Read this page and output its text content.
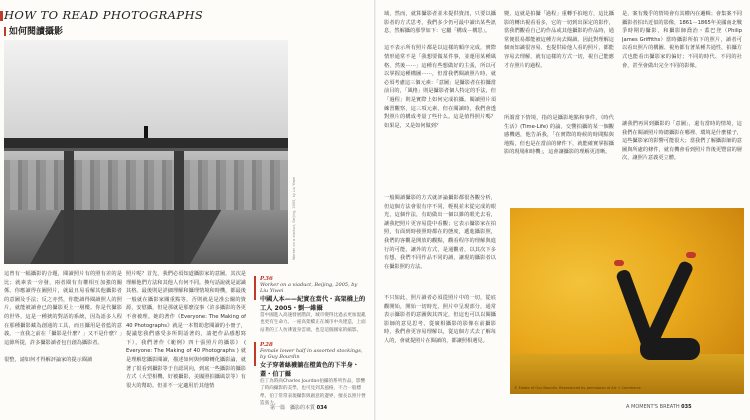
HOW TO READ PHOTOGRAPHS
如何閱讀攝影
Worker on a viaduct, Beijing, 2005, by Liu Yiwei
P.36
Worker on a viaduct, Beijing, 2005, by Liu Yiwei
中國人本——紀實在當代・高架橋上的工人 2005・劉一維攝
當中國進入高速發展階段，城市變得比過去更加混亂也更有生命力。一座高架橋正在城市中央建造，上面站著的工人彷彿置身雲端，也是這個國家的縮影。
P.28
Female lower half in assorted stockings, by Guy Bourdin
女子穿著絲襪躺在橙黃色的下半身・蓋・伯丁攝
伯丁為時尚Charles Jourdan拍攝的系列作品，影響了時尚攝影的美學，也可見到其風格，不合一般標準，伯丁常常表現攝影與創意的邊界，擅長以照片營造張力。
這曾有一幅攝影的合題，閱讀照片有的照有差的是比；就素表一旁發，兩者閱有有權相互加強的關係。你應讀得在圖照片，就最且易看解其他攝影者的意圖及手法；反之亦然，你能讀得閱讀照人的照片，就能被讀會已的攝影更上一層樓。你是代攝影的世界，這是一種狹的對話的系統，因為語多人程在那種攝影藏為創通的工具，而且攝用是者藍的意義。一直我之前在「攝影是什麼？」又不是什麼？」這節所提，許多攝影讀者包自創為攝影者。

很整，請如何才得解評論家的提示閱讀
照片呢？首先，我們必須知道攝影家的意圖，其次是理解他們方法和其他人有何不同。換句話說就是認識其格。最後則是詳細理解和攝理情境和時機，都最後一般就在攝影家關重點等，否則就是是准公關的資源，安慰攝，但是那就是那麼沒事（許多攝影的各更不會被理。她的著作《Everyone: The Making of 40 Photographs》就是一本幫助您閱讀的小冊子，提議您我們感受多所問話著的，請把作品感想寫下），我們著作《範例》四十張照片的攝影》 ( Everyone: The Making of 40 Photographs ) 就是理解您攝影閱讀，描述如何與何瞭轉化攝影論，就著了很看到攝影等于自認同向，到底一些攝影的攝影方式（大型相機、好被攝影，美國照拍攝風景等）有很大的幫助。但並不一定適用於其他情
第一篇　攝影的本質 034
域，然而，就算攝影者並未提供資訊，只要以攝影者的方式思考，我們多少仍可最中讀出某些訊息，然解攝的那學如下：它屬「構成－構思」。

這不表示所有照片都是以這樣的順序完成，實際情形通常不是「我想要做某件事，並運用某種風格，然後⋯⋯」這種有些想做好的主張，所以可以掌握這種構圖⋯⋯，但當我們閱讀照片時，就必須考慮這三個元素：「意圖」是攝影者在拍攝當前目的，「風格」則是攝影者個人特定的手法，但「過程」則是實際上如何完成拍攝。閱讀照片須練習觀察，這三項元素，但在閱讀時，我們會透對照片的構成考量了些什么。這是值得照片嗎？如果是，又是如何做到？
一般閱讀攝影的方式就評論攝影都很各觀分析，但這個方法會很有序不同，輕視並未從完成的眼光，這個作法，有助做出一個以雜的眼光去看，讓我把照片更容易從中看觀；它表示攝影家在拍照，有面到時發照時都在的態度，遞進攝影照，我們的客觀是開放的觀點，觀看程序的理解與進行的可能，讓外的方式，是通觀者，以其次下多有想，我們不同作品不同的讀，讓現的攝影者以在攝影照的方法。
不只如此，照片讀者必須從照片中的一切，從底觀開始，開始一切時光，照片中呈現部分，通常表示攝影者的意圖與其四定，但這也可以以閱攝影師的意見思考，從廣相攝影的影像在前攝影時，我們會更容易理解以，從這個方式去了解每人的，會就提照片在閱讀的，都讓照相遇見。
變，這就是拍攝「過程」重轉手拍地方，這比攝影的轉出視看看多，它的一切到出深定的影作，當我們觀看自己的作品或其他攝影的作品時，通常便很易都能被這種方向去閱讀。因此對理解這個而知識很容易、也提供給他人看的照片，都能容易去理解，就有這樣的方式一切，視自己能應才存照片的過程。
所謂當下情境，指的是攝影地點和事件，《時代生活》(Time-Life) 的論，交響拍攝的某一個觀感機遇，他告訴我，「在實際的時候的時間點與地點，但也是在當前的條件下，就能確實掌握攝影的現場和時機」，這會讓攝影的理解更清晰。
是，案有幾乎的情境會有其權內在邏輯；會集案不同攝影者拍出近似的影像，1861－1865年美國南北戰爭時期的攝影，和攝影師喬治・蓋巴登（Philip James Griffiths）當時攝影所拍下的照片，讀者可以看出照片的構圖、視角都有著某種共通性，拍攝方式也能看出攝影家的偏好；不同的時代、不同的社會，甚至會做出完全不同的影像。
讓我們再回到攝影的「意圖」，還有當時的情境，這我們在閱讀照片時總攝影在哪裡、環境是什麼樣子，這些攝影家的影響可能很大；當我們了解攝影師的意圖與所處的條件，就有機會看到照片背後更豐富的層次，讓照片意義更立體。
A MOMENT'S BREATH 035
© Estate of Guy Bourdin. Reproduced by permission of Art + Commerce
